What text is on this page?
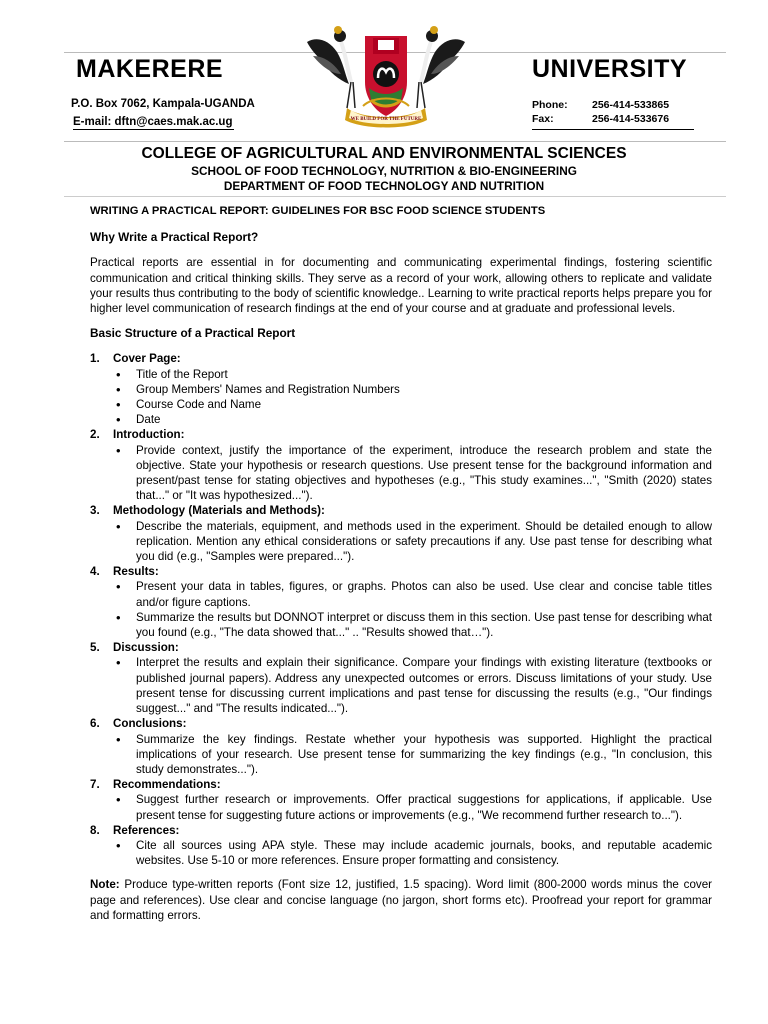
MAKERERE	UNIVERSITY
P.O. Box 7062, Kampala-UGANDA
E-mail: dftn@caes.mak.ac.ug
Phone: 256-414-533865
Fax:	256-414-533676
WE BUILD FOR THE FUTURE
COLLEGE OF AGRICULTURAL AND ENVIRONMENTAL SCIENCES
SCHOOL OF FOOD TECHNOLOGY, NUTRITION & BIO-ENGINEERING
DEPARTMENT OF FOOD TECHNOLOGY AND NUTRITION
WRITING A PRACTICAL REPORT: GUIDELINES FOR BSC FOOD SCIENCE STUDENTS
Why Write a Practical Report?

Practical reports are essential in for documenting and communicating experimental findings, fostering scientific communication and critical thinking skills. They serve as a record of your work, allowing others to replicate and validate your results thus contributing to the body of scientific knowledge.. Learning to write practical reports helps prepare you for higher level communication of research findings at the end of your course and at graduate and professional levels.

Basic Structure of a Practical Report
1. Cover Page:
• Title of the Report
• Group Members' Names and Registration Numbers
• Course Code and Name
• Date
2. Introduction:
• Provide context, justify the importance of the experiment, introduce the research problem and state the objective. State your hypothesis or research questions. Use present tense for the background information and present/past tense for stating objectives and hypotheses (e.g., "This study examines...", "Smith (2020) states that..." or "It was hypothesized...").
3. Methodology (Materials and Methods):
• Describe the materials, equipment, and methods used in the experiment. Should be detailed enough to allow replication. Mention any ethical considerations or safety precautions if any. Use past tense for describing what you did (e.g., "Samples were prepared...").
4. Results:
• Present your data in tables, figures, or graphs. Photos can also be used. Use clear and concise table titles and/or figure captions.
• Summarize the results but DONNOT interpret or discuss them in this section. Use past tense for describing what you found (e.g., "The data showed that..." .. "Results showed that…").
5. Discussion:
• Interpret the results and explain their significance. Compare your findings with existing literature (textbooks or published journal papers). Address any unexpected outcomes or errors. Discuss limitations of your study. Use present tense for discussing current implications and past tense for discussing the results (e.g., "Our findings suggest..." and "The results indicated...").
6. Conclusions:
• Summarize the key findings. Restate whether your hypothesis was supported. Highlight the practical implications of your research. Use present tense for summarizing the key findings (e.g., "In conclusion, this study demonstrates...").
7. Recommendations:
• Suggest further research or improvements. Offer practical suggestions for applications, if applicable. Use present tense for suggesting future actions or improvements (e.g., "We recommend further research to...").
8. References:
• Cite all sources using APA style. These may include academic journals, books, and reputable academic websites. Use 5-10 or more references. Ensure proper formatting and consistency.
Note: Produce type-written reports (Font size 12, justified, 1.5 spacing). Word limit (800-2000 words minus the cover page and references). Use clear and concise language (no jargon, short forms etc). Proofread your report for grammar and formatting errors.
